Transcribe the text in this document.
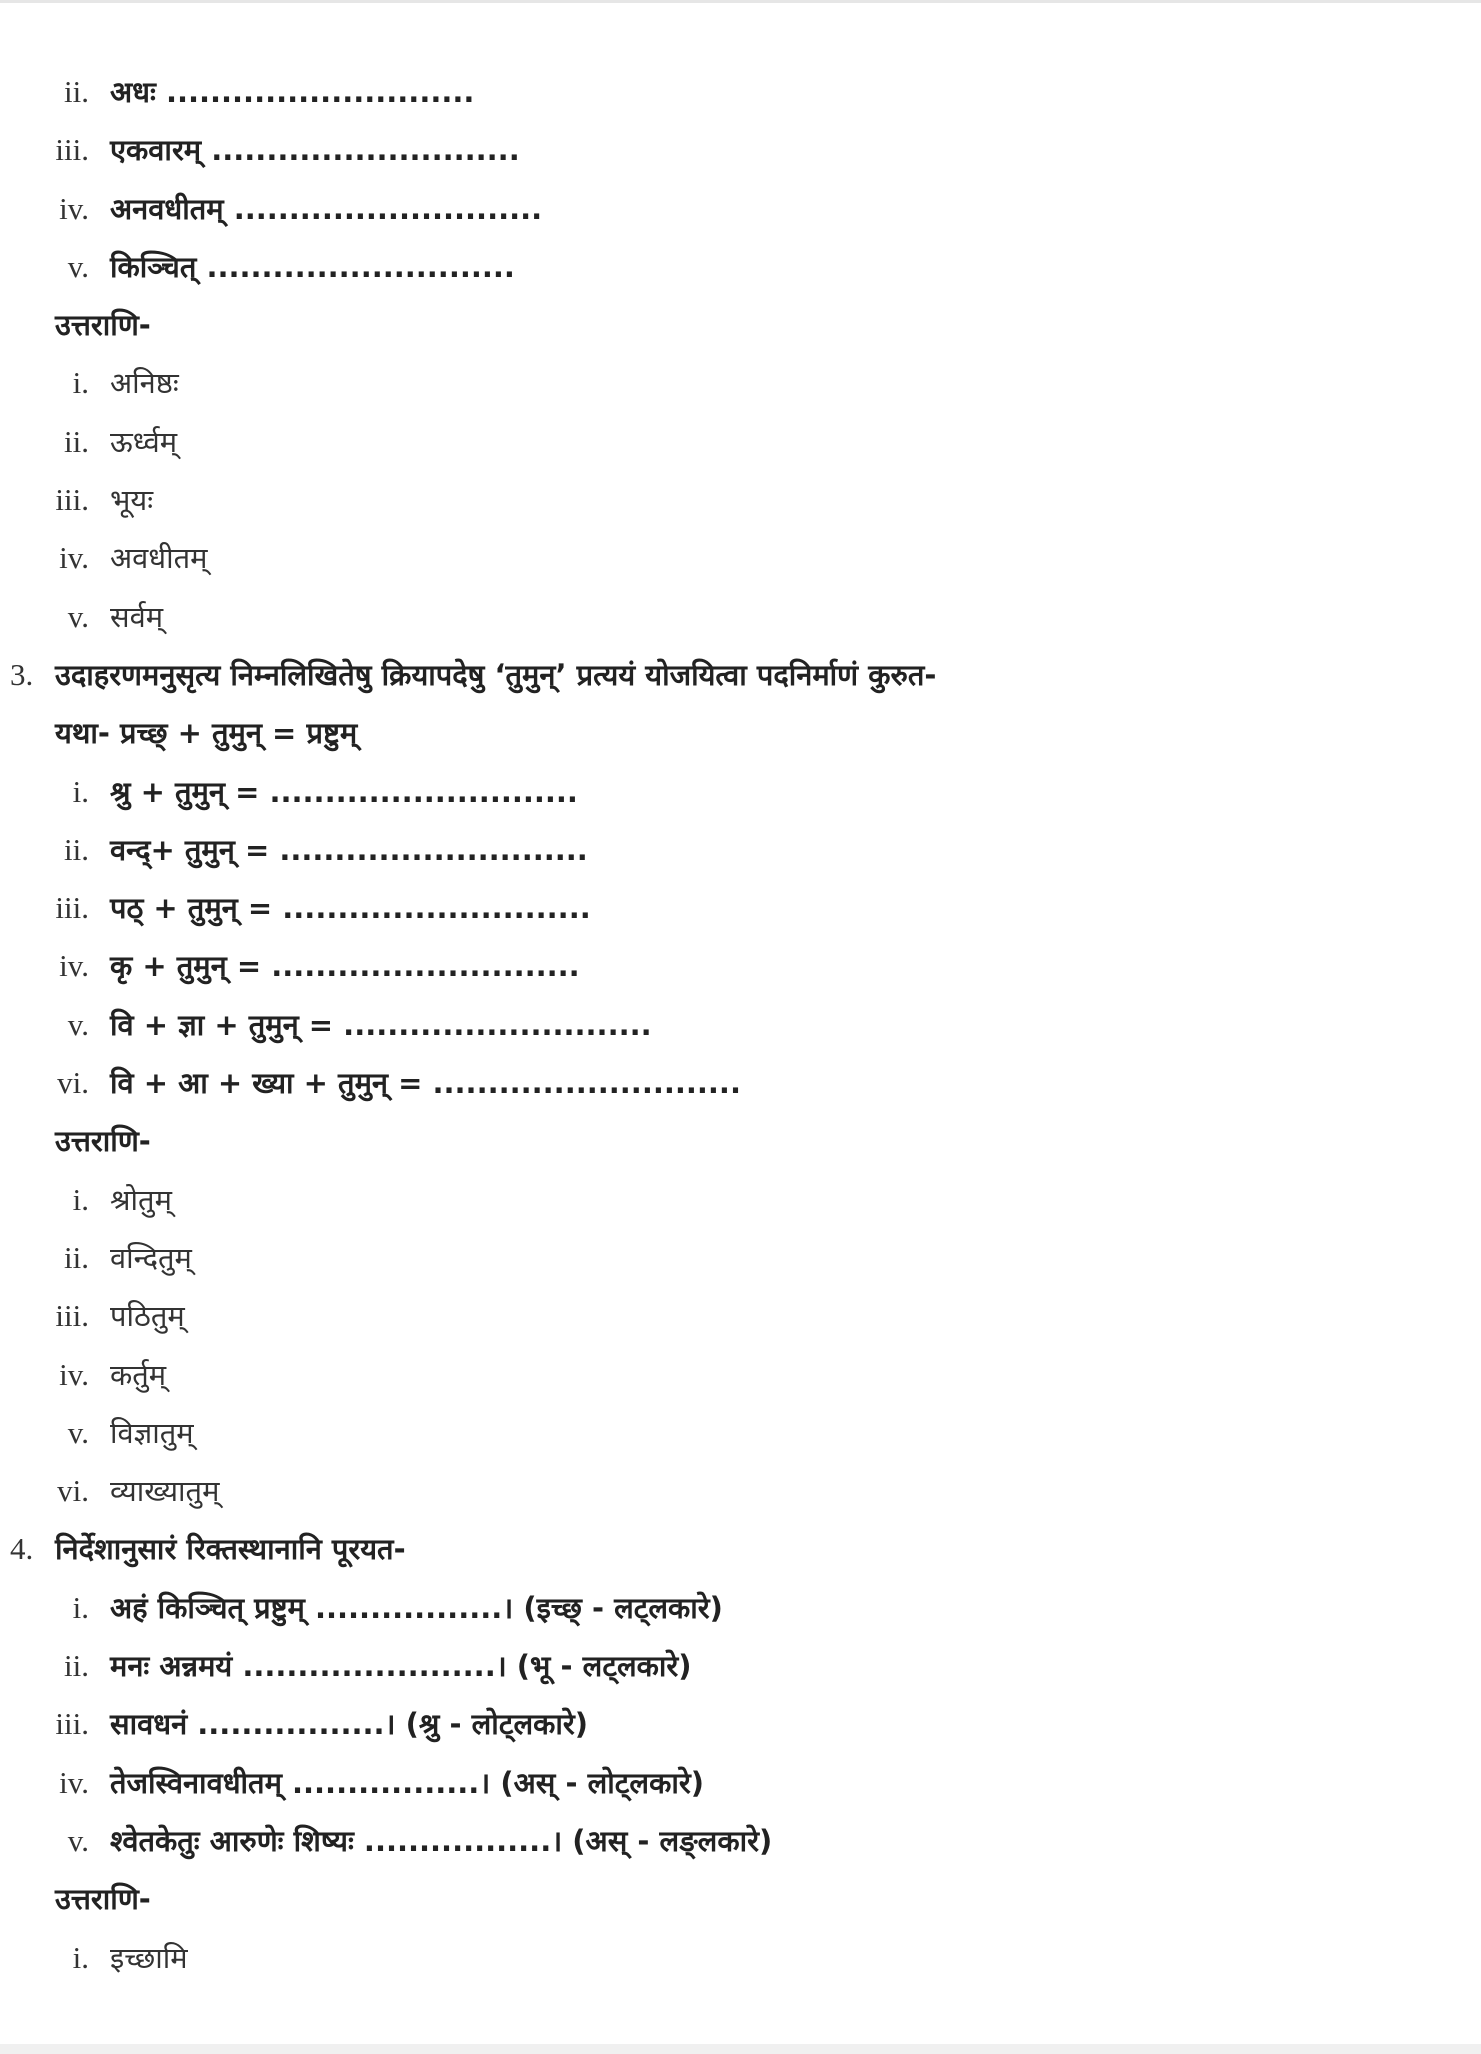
ii. अधः ............................
iii. एकवारम् ............................
iv. अनवधीतम् ............................
v. किञ्चित् ............................
उत्तराणि-
i. अनिष्ठः
ii. ऊर्ध्वम्
iii. भूयः
iv. अवधीतम्
v. सर्वम्
3. उदाहरणमनुसृत्य निम्नलिखितेषु क्रियापदेषु ‘तुमुन्’ प्रत्ययं योजयित्वा पदनिर्माणं कुरुत-
यथा- प्रच्छ् + तुमुन् = प्रष्टुम्
i. श्रु + तुमुन् = ............................
ii. वन्द्+ तुमुन् = ............................
iii. पठ् + तुमुन् = ............................
iv. कृ + तुमुन् = ............................
v. वि + ज्ञा + तुमुन् = ............................
vi. वि + आ + ख्या + तुमुन् = ............................
उत्तराणि-
i. श्रोतुम्
ii. वन्दितुम्
iii. पठितुम्
iv. कर्तुम्
v. विज्ञातुम्
vi. व्याख्यातुम्
4. निर्देशानुसारं रिक्तस्थानानि पूरयत-
i. अहं किञ्चित् प्रष्टुम् .................। (इच्छ् - लट्लकारे)
ii. मनः अन्नमयं .......................। (भू - लट्लकारे)
iii. सावधनं .................। (श्रु - लोट्लकारे)
iv. तेजस्विनावधीतम् .................। (अस् - लोट्लकारे)
v. श्वेतकेतुः आरुणेः शिष्यः .................। (अस् - लङ्लकारे)
उत्तराणि-
i. इच्छामि
